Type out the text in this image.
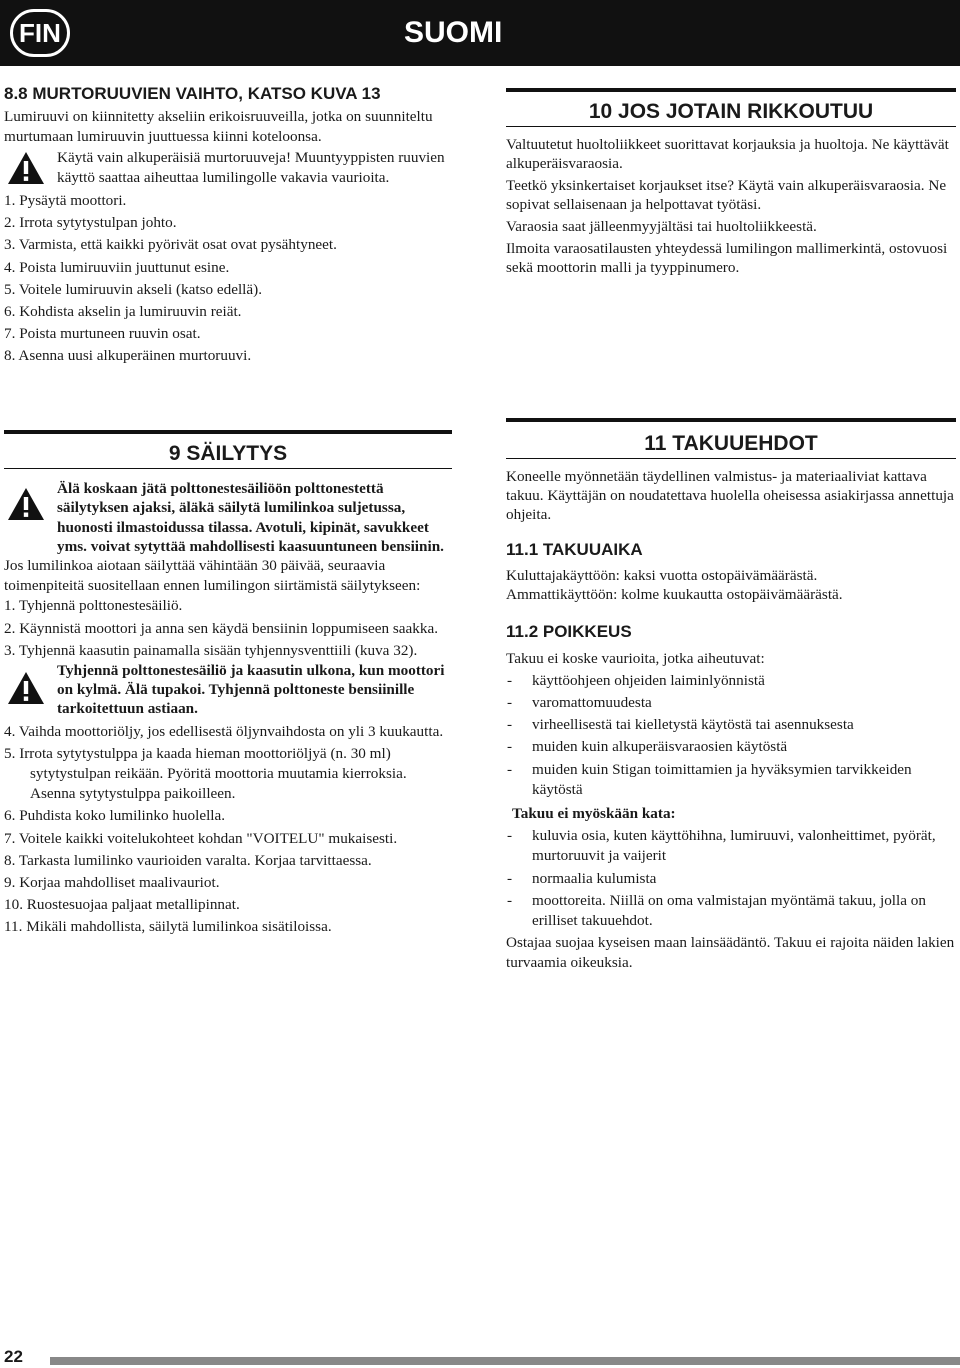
FIN	SUOMI
8.8 MURTORUUVIEN VAIHTO, KATSO KUVA 13

Lumiruuvi on kiinnitetty akseliin erikoisruuveilla, jotka on suunniteltu murtumaan lumiruuvin juuttuessa kiinni koteloonsa.

Käytä vain alkuperäisiä murtoruuveja! Muuntyyppisten ruuvien käyttö saattaa aiheuttaa lumilingolle vakavia vaurioita.
1. Pysäytä moottori.
2. Irrota sytytystulpan johto.
3. Varmista, että kaikki pyörivät osat ovat pysähtyneet.
4. Poista lumiruuviin juuttunut esine.
5. Voitele lumiruuvin akseli (katso edellä).
6. Kohdista akselin ja lumiruuvin reiät.
7. Poista murtuneen ruuvin osat.
8. Asenna uusi alkuperäinen murtoruuvi.
9 SÄILYTYS
Älä koskaan jätä polttonestesäiliöön polttonestettä säilytyksen ajaksi, äläkä säilytä lumilinkoa suljetussa, huonosti ilmastoidussa tilassa. Avotuli, kipinät, savukkeet yms. voivat sytyttää mahdollisesti kaasuuntuneen bensiinin.

Jos lumilinkoa aiotaan säilyttää vähintään 30 päivää, seuraavia toimenpiteitä suositellaan ennen lumilingon siirtämistä säilytykseen:

1. Tyhjennä polttonestesäiliö.
2. Käynnistä moottori ja anna sen käydä bensiinin loppumiseen saakka.
3. Tyhjennä kaasutin painamalla sisään tyhjennysventtiili (kuva 32).
Tyhjennä polttonestesäiliö ja kaasutin ulkona, kun moottori on kylmä. Älä tupakoi. Tyhjennä polttoneste bensiinille tarkoitettuun astiaan.
4. Vaihda moottoriöljy, jos edellisestä öljynvaihdosta on yli 3 kuukautta.
5. Irrota sytytystulppa ja kaada hieman moottoriöljyä (n. 30 ml) sytytystulpan reikään. Pyöritä moottoria muutamia kierroksia. Asenna sytytystulppa paikoilleen.
6. Puhdista koko lumilinko huolella.
7. Voitele kaikki voitelukohteet kohdan "VOITELU" mukaisesti.
8. Tarkasta lumilinko vaurioiden varalta. Korjaa tarvittaessa.
9. Korjaa mahdolliset maalivauriot.
10. Ruostesuojaa paljaat metallipinnat.
11. Mikäli mahdollista, säilytä lumilinkoa sisätiloissa.
10 JOS JOTAIN RIKKOUTUU

Valtuutetut huoltoliikkeet suorittavat korjauksia ja huoltoja. Ne käyttävät alkuperäisvaraosia.

Teetkö yksinkertaiset korjaukset itse? Käytä vain alkuperäisvaraosia. Ne sopivat sellaisenaan ja helpottavat työtäsi.

Varaosia saat jälleenmyyjältäsi tai huoltoliikkeestä.

Ilmoita varaosatilausten yhteydessä lumilingon mallimerkintä, ostovuosi sekä moottorin malli ja tyyppinumero.

11 TAKUUEHDOT

Koneelle myönnetään täydellinen valmistus- ja materiaaliviat kattava takuu. Käyttäjän on noudatettava huolella oheisessa asiakirjassa annettuja ohjeita.

11.1 TAKUUAIKA

Kuluttajakäyttöön: kaksi vuotta ostopäivämäärästä.

Ammattikäyttöön: kolme kuukautta ostopäivämäärästä.

11.2 POIKKEUS

Takuu ei koske vaurioita, jotka aiheutuvat:

- käyttöohjeen ohjeiden laiminlyönnistä
- varomattomuudesta
- virheellisestä tai kielletystä käytöstä tai asennuksesta
- muiden kuin alkuperäisvaraosien käytöstä
- muiden kuin Stigan toimittamien ja hyväksymien tarvikkeiden käytöstä
Takuu ei myöskään kata:
- kuluvia osia, kuten käyttöhihna, lumiruuvi, valonheittimet, pyörät, murtoruuvit ja vaijerit
- normaalia kulumista
- moottoreita. Niillä on oma valmistajan myöntämä takuu, jolla on erilliset takuuehdot.

Ostajaa suojaa kyseisen maan lainsäädäntö. Takuu ei rajoita näiden lakien turvaamia oikeuksia.

22
